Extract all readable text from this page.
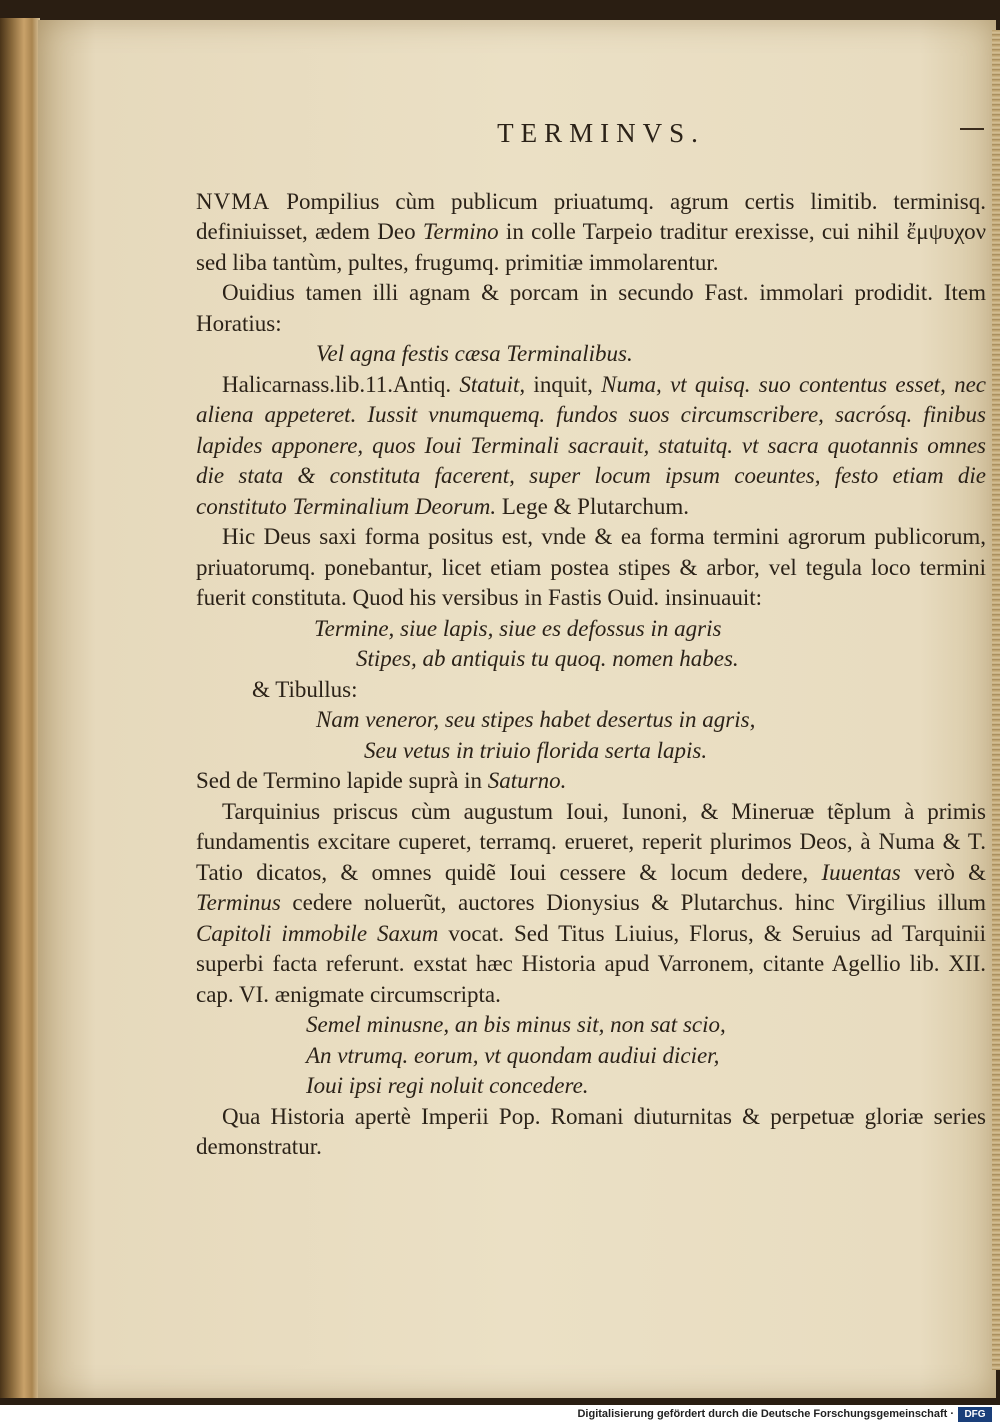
TERMINVS.

NVMA Pompilius cùm publicum priuatumq. agrum certis limitib. terminisq. definiuisset, ædem Deo Termino in colle Tarpeio traditur erexisse, cui nihil ἔμψυχον sed liba tantùm, pultes, frugumq. primitiæ immolarentur.

Ouidius tamen illi agnam & porcam in secundo Fast. immolari prodidit. Item Horatius:

Vel agna festis cæsa Terminalibus.

Halicarnass.lib.11.Antiq. Statuit, inquit, Numa, vt quisq. suo contentus esset, nec aliena appeteret. Iussit vnumquemq. fundos suos circumscribere, sacrósq. finibus lapides apponere, quos Ioui Terminali sacrauit, statuitq. vt sacra quotannis omnes die stata & constituta facerent, super locum ipsum coeuntes, festo etiam die constituto Terminalium Deorum. Lege & Plutarchum.

Hic Deus saxi forma positus est, vnde & ea forma termini agrorum publicorum, priuatorumq. ponebantur, licet etiam postea stipes & arbor, vel tegula loco termini fuerit constituta. Quod his versibus in Fastis Ouid. insinuauit:

Termine, siue lapis, siue es defossus in agris

Stipes, ab antiquis tu quoq. nomen habes.

& Tibullus:

Nam veneror, seu stipes habet desertus in agris,

Seu vetus in triuio florida serta lapis.

Sed de Termino lapide suprà in Saturno.

Tarquinius priscus cùm augustum Ioui, Iunoni, & Mineruæ tẽplum à primis fundamentis excitare cuperet, terramq. erueret, reperit plurimos Deos, à Numa & T. Tatio dicatos, & omnes quidẽ Ioui cessere & locum dedere, Iuuentas verò & Terminus cedere noluerũt, auctores Dionysius & Plutarchus. hinc Virgilius illum Capitoli immobile Saxum vocat. Sed Titus Liuius, Florus, & Seruius ad Tarquinii superbi facta referunt. exstat hæc Historia apud Varronem, citante Agellio lib. XII. cap. VI. ænigmate circumscripta.

Semel minusne, an bis minus sit, non sat scio,

An vtrumq. eorum, vt quondam audiui dicier,

Ioui ipsi regi noluit concedere.

Qua Historia apertè Imperii Pop. Romani diuturnitas & perpetuæ gloriæ series demonstratur.

Digitalisierung gefördert durch die Deutsche Forschungsgemeinschaft ·	DFG
